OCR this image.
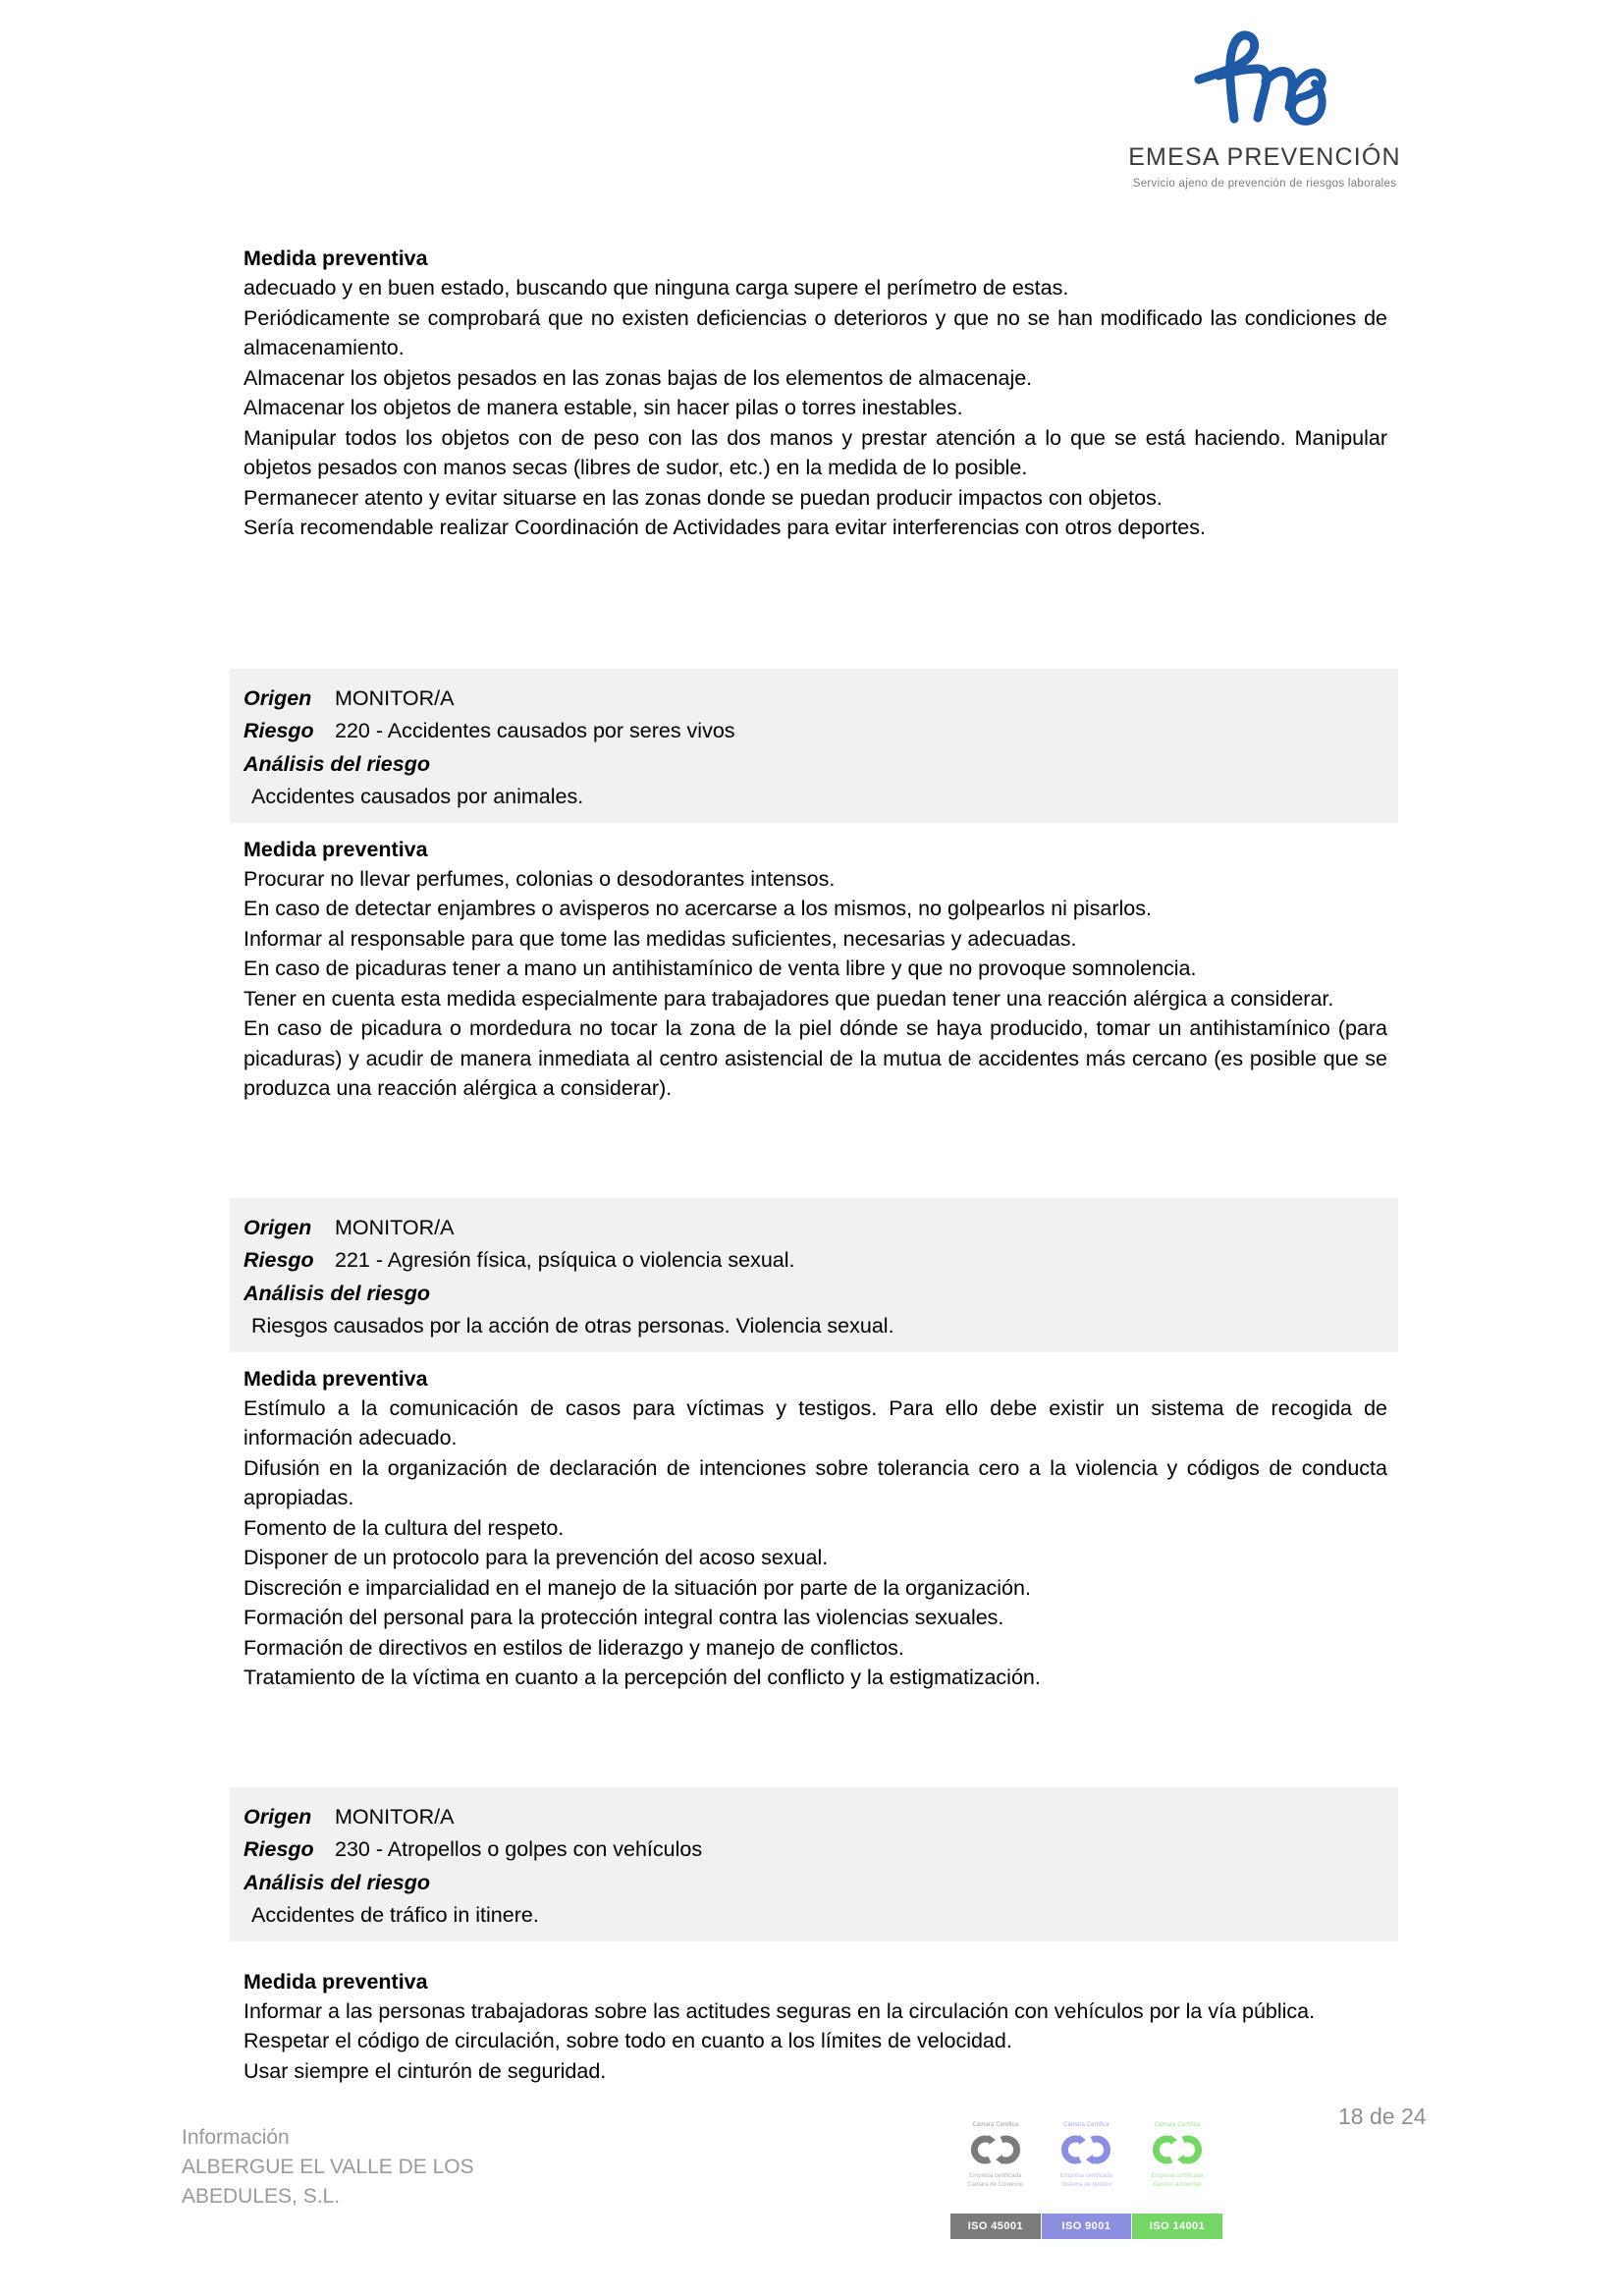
EMESA PREVENCIÓN
Servicio ajeno de prevención de riesgos laborales
Medida preventiva
adecuado y en buen estado, buscando que ninguna carga supere el perímetro de estas.
Periódicamente se comprobará que no existen deficiencias o deterioros y que no se han modificado las condiciones de almacenamiento.
Almacenar los objetos pesados en las zonas bajas de los elementos de almacenaje.
Almacenar los objetos de manera estable, sin hacer pilas o torres inestables.
Manipular todos los objetos con de peso con las dos manos y prestar atención a lo que se está haciendo. Manipular objetos pesados con manos secas (libres de sudor, etc.) en la medida de lo posible.
Permanecer atento y evitar situarse en las zonas donde se puedan producir impactos con objetos.
Sería recomendable realizar Coordinación de Actividades para evitar interferencias con otros deportes.
Origen	MONITOR/A
Riesgo 220 - Accidentes causados por seres vivos
Análisis del riesgo
Accidentes causados por animales.
Medida preventiva
Procurar no llevar perfumes, colonias o desodorantes intensos.
En caso de detectar enjambres o avisperos no acercarse a los mismos, no golpearlos ni pisarlos.
Informar al responsable para que tome las medidas suficientes, necesarias y adecuadas.
En caso de picaduras tener a mano un antihistamínico de venta libre y que no provoque somnolencia.
Tener en cuenta esta medida especialmente para trabajadores que puedan tener una reacción alérgica a considerar.
En caso de picadura o mordedura no tocar la zona de la piel dónde se haya producido, tomar un antihistamínico (para picaduras) y acudir de manera inmediata al centro asistencial de la mutua de accidentes más cercano (es posible que se produzca una reacción alérgica a considerar).
Origen	MONITOR/A
Riesgo 221 - Agresión física, psíquica o violencia sexual.
Análisis del riesgo
Riesgos causados por la acción de otras personas. Violencia sexual.
Medida preventiva
Estímulo a la comunicación de casos para víctimas y testigos. Para ello debe existir un sistema de recogida de información adecuado.
Difusión en la organización de declaración de intenciones sobre tolerancia cero a la violencia y códigos de conducta apropiadas.
Fomento de la cultura del respeto.
Disponer de un protocolo para la prevención del acoso sexual.
Discreción e imparcialidad en el manejo de la situación por parte de la organización.
Formación del personal para la protección integral contra las violencias sexuales.
Formación de directivos en estilos de liderazgo y manejo de conflictos.
Tratamiento de la víctima en cuanto a la percepción del conflicto y la estigmatización.
Origen	MONITOR/A
Riesgo 230 - Atropellos o golpes con vehículos
Análisis del riesgo
Accidentes de tráfico in itinere.
Medida preventiva
Informar a las personas trabajadoras sobre las actitudes seguras en la circulación con vehículos por la vía pública.
Respetar el código de circulación, sobre todo en cuanto a los límites de velocidad.
Usar siempre el cinturón de seguridad.
Información
ALBERGUE EL VALLE DE LOS
ABEDULES, S.L.
Cámara Certifica
Empresa certificada
Camara de Comercio
ISO 45001
Cámara Certifica
Empresa certificada
Sistema de gestión
ISO 9001
Cámara Certifica
Empresa certificada
Gestión ambiental
ISO 14001
18 de 24
